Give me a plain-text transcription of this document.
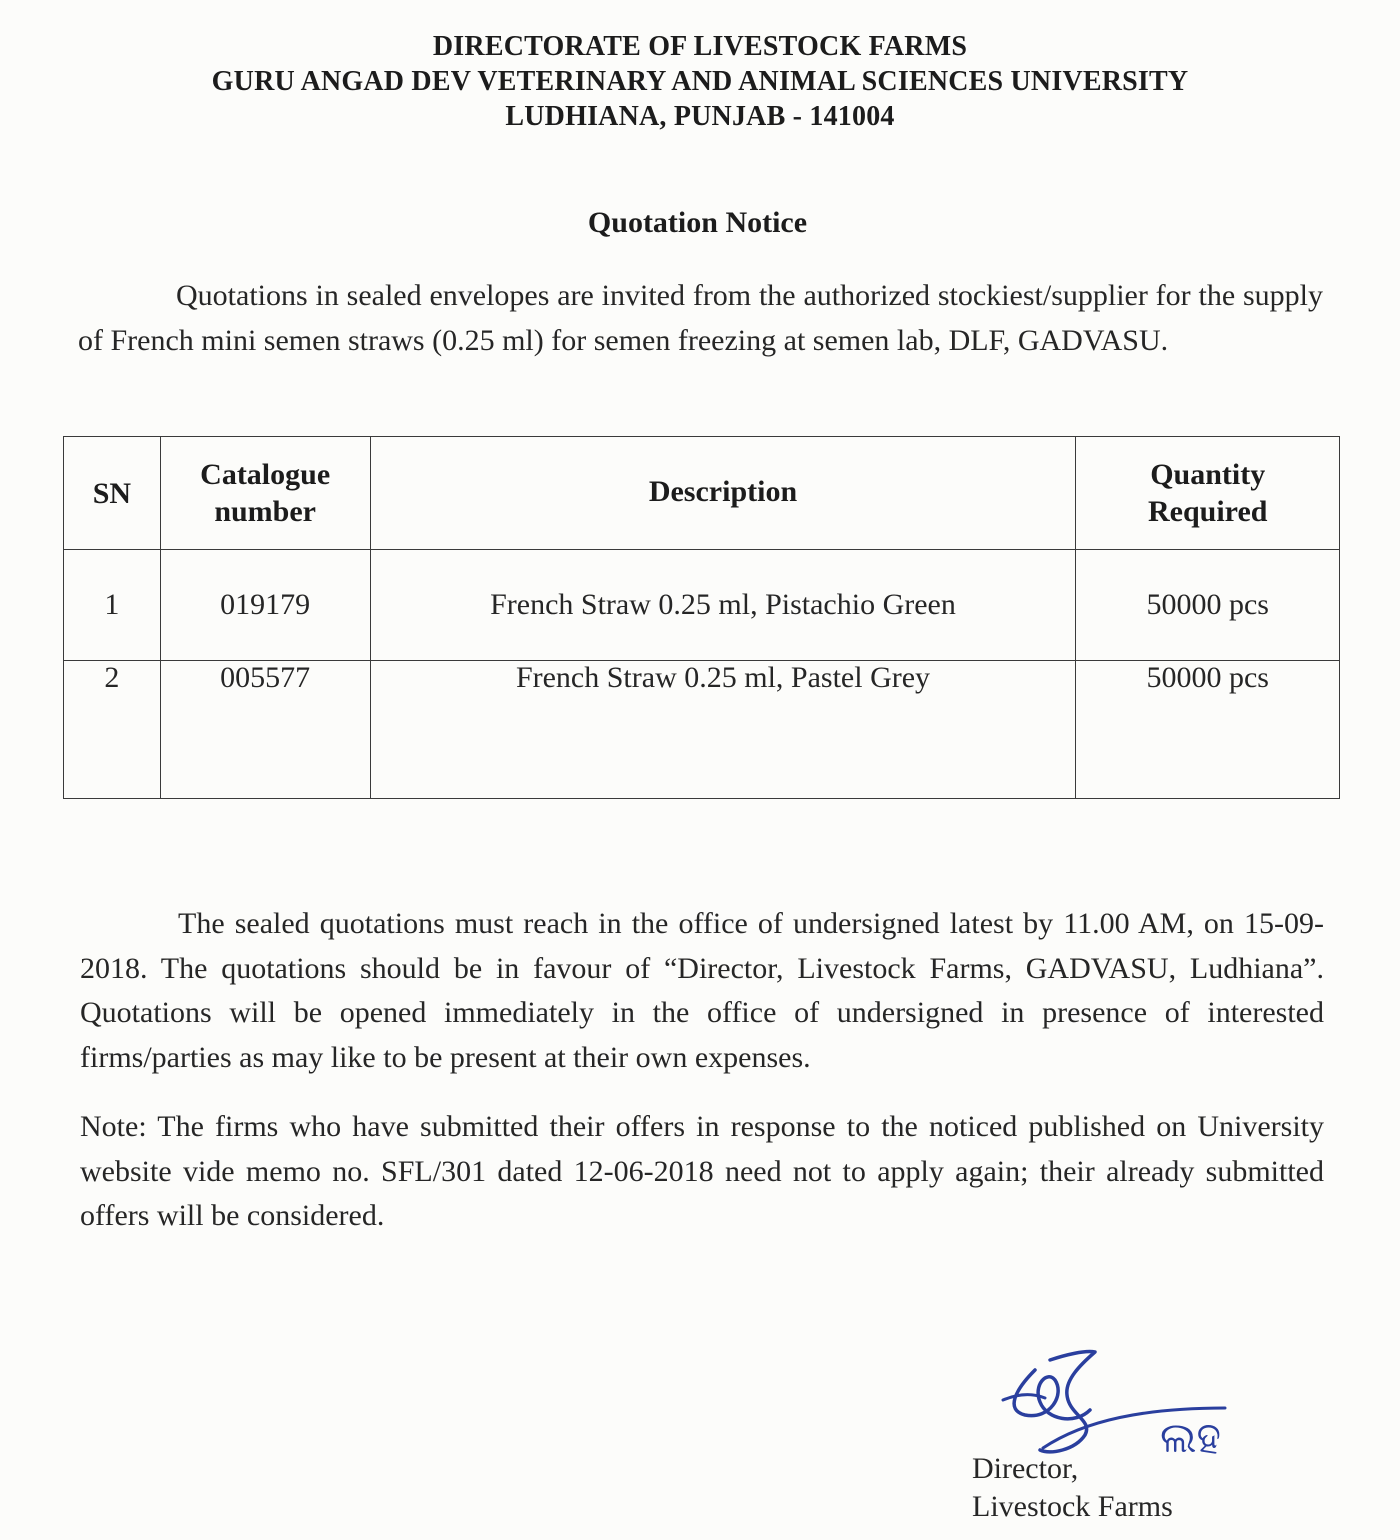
DIRECTORATE OF LIVESTOCK FARMS
GURU ANGAD DEV VETERINARY AND ANIMAL SCIENCES UNIVERSITY
LUDHIANA, PUNJAB - 141004
Quotation Notice
Quotations in sealed envelopes are invited from the authorized stockiest/supplier for the supply of French mini semen straws (0.25 ml) for semen freezing at semen lab, DLF, GADVASU.
SN	Catalogue number	Description	Quantity Required
1	019179	French Straw 0.25 ml, Pistachio Green	50000 pcs
2	005577	French Straw 0.25 ml, Pastel Grey	50000 pcs
The sealed quotations must reach in the office of undersigned latest by 11.00 AM, on 15-09-2018. The quotations should be in favour of “Director, Livestock Farms, GADVASU, Ludhiana”. Quotations will be opened immediately in the office of undersigned in presence of interested firms/parties as may like to be present at their own expenses.
Note: The firms who have submitted their offers in response to the noticed published on University website vide memo no. SFL/301 dated 12-06-2018 need not to apply again; their already submitted offers will be considered.
ଲହ
Director,
Livestock Farms
